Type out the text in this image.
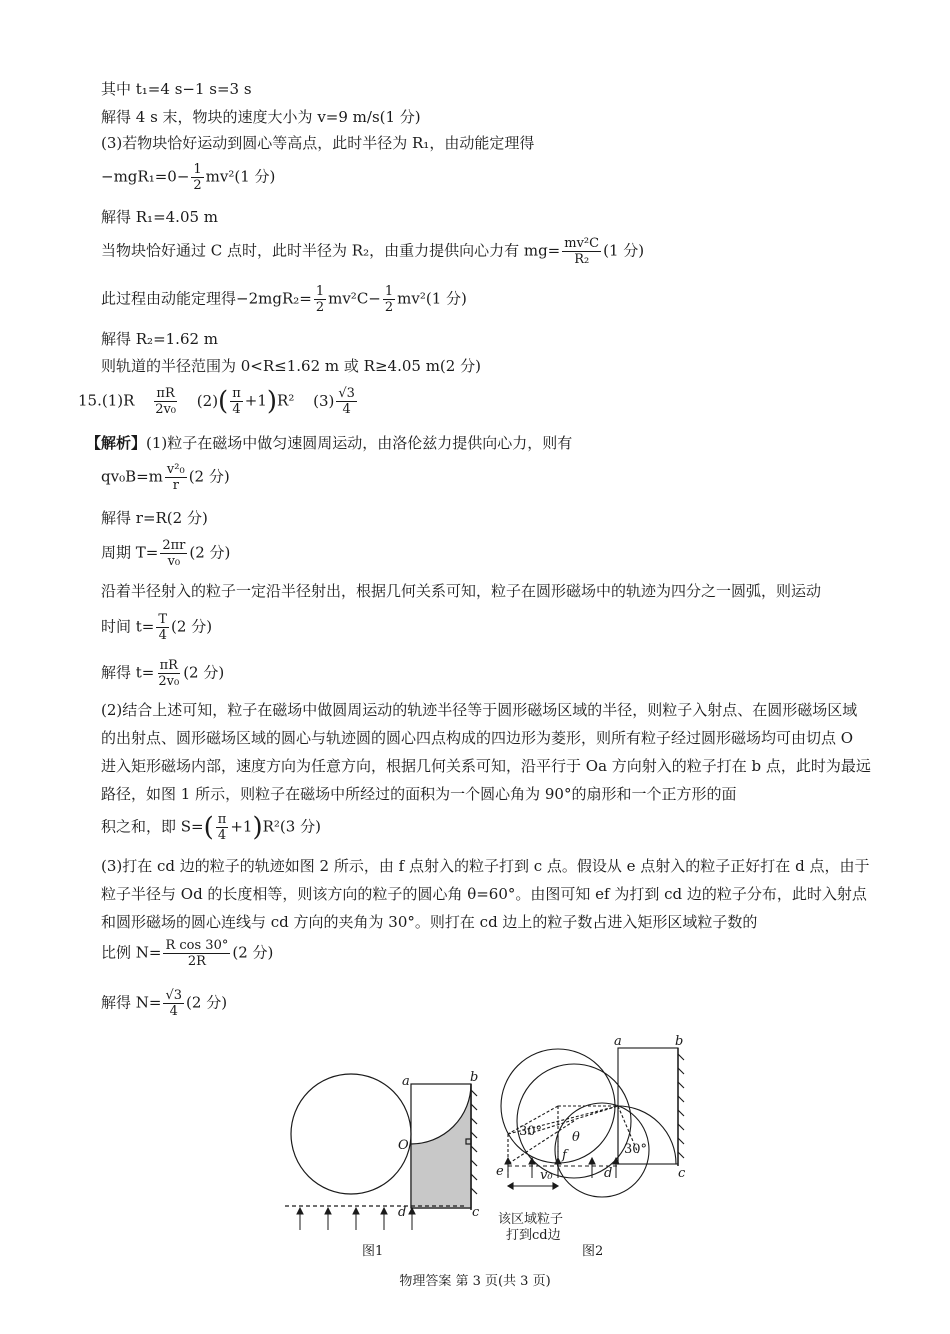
其中 t₁=4 s−1 s=3 s
解得 4 s 末，物块的速度大小为 v=9 m/s(1 分)
(3)若物块恰好运动到圆心等高点，此时半径为 R₁，由动能定理得
$-mgR_1=0- \frac{1}{2} mv^2(1$ 分)
解得 R₁=4.05 m
当物块恰好通过 C 点时，此时半径为 R₂，由重力提供向心力有 $mg= \frac{\text{mv²C}}{\text{R₂}} (1$ 分)
此过程由动能定理得$-2mgR_2= \frac{1}{2} mv^2C- \frac{1}{2} mv^2(1$ 分)
解得 R₂=1.62 m
则轨道的半径范围为 0<R≤1.62 m 或 R≥4.05 m(2 分)
$15.(1)R \frac{\pi R}{\text{2v₀}} (2)( \frac{\pi}{4} +1)R^2$ $(3) \frac{√3}{4}$
【解析】(1)粒子在磁场中做匀速圆周运动，由洛伦兹力提供向心力，则有
$qv_0B=m \frac{\text{v²₀}}{r} (2$ 分)
解得 r=R(2 分)
周期 $T= \frac{2\pi r}{\text{v₀}} (2$ 分)
沿着半径射入的粒子一定沿半径射出，根据几何关系可知，粒子在圆形磁场中的轨迹为四分之一圆弧，则运动
时间 $t= \frac{T}{4} (2$ 分)
解得 $t= \frac{\pi R}{\text{2v₀}} (2$ 分)
(2)结合上述可知，粒子在磁场中做圆周运动的轨迹半径等于圆形磁场区域的半径，则粒子入射点、在圆形磁场区域的出射点、圆形磁场区域的圆心与轨迹圆的圆心四点构成的四边形为菱形，则所有粒子经过圆形磁场均可由切点 O 进入矩形磁场内部，速度方向为任意方向，根据几何关系可知，沿平行于 Oa 方向射入的粒子打在 b 点，此时为最远路径，如图 1 所示，则粒子在磁场中所经过的面积为一个圆心角为 90°的扇形和一个正方形的面
积之和，即 $S=( \frac{\pi}{4} +1)R^2(3$ 分)
(3)打在 cd 边的粒子的轨迹如图 2 所示，由 f 点射入的粒子打到 c 点。假设从 e 点射入的粒子正好打在 d 点，由于粒子半径与 Od 的长度相等，则该方向的粒子的圆心角 θ=60°。由图可知 ef 为打到 cd 边的粒子分布，此时入射点和圆形磁场的圆心连线与 cd 方向的夹角为 30°。则打在 cd 边上的粒子数占进入矩形区域粒子数的
比例 $N= \frac{\text{R cos 30°}}{2R} (2$ 分)
解得 $N= \frac{√3}{4} (2$ 分)
a	b
O
d	c
图1
a	b
30° θ
30°
f
e	v₀	d	c
该区域粒子
打到cd边
图2
物理答案 第 3 页(共 3 页)
